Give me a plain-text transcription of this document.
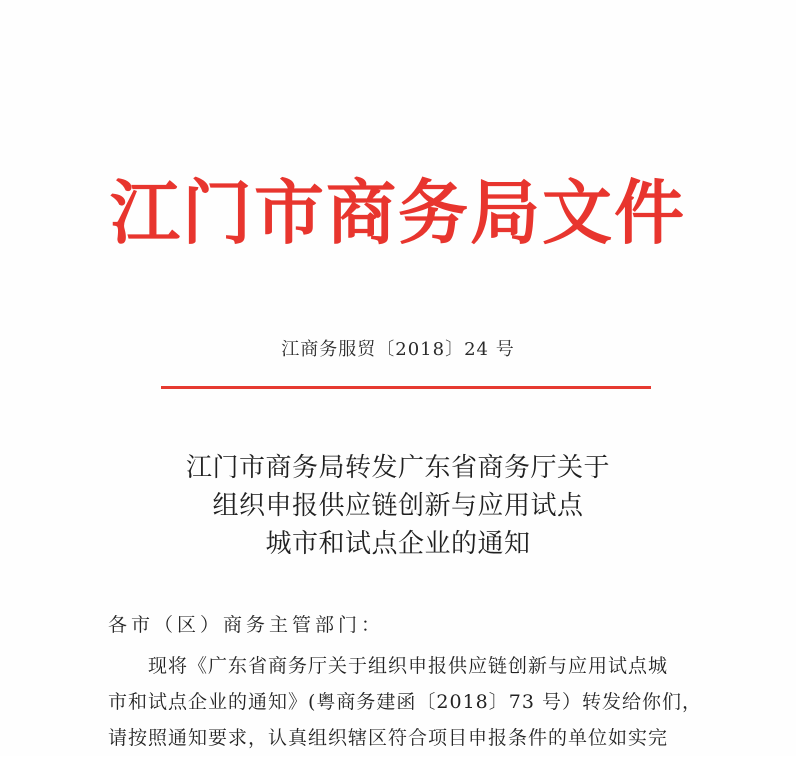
江门市商务局文件
江商务服贸〔2018〕24 号
江门市商务局转发广东省商务厅关于
组织申报供应链创新与应用试点
城市和试点企业的通知
各市（区）商务主管部门：
现将《广东省商务厅关于组织申报供应链创新与应用试点城
市和试点企业的通知》(粤商务建函〔2018〕73 号）转发给你们，
请按照通知要求，认真组织辖区符合项目申报条件的单位如实完
